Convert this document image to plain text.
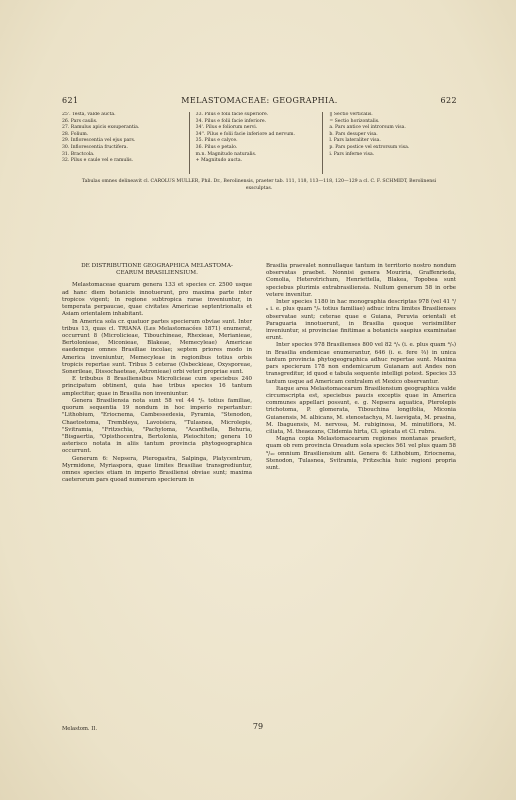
621	MELASTOMACEAE: GEOGRAPHIA.	622
25'. Testa, valde aucta.
26. Pars caulis.
27. Ramulus apicis exsuperantia.
28. Folium.
29. Inflorescentia vel ejus pars.
30. Inflorescentia fructifera.
31. Bractcola.
32. Pilus e caule vel e ramulis.
33. Pilus e folii facie superiore.
34. Pilus e folii facie inferiore.
34'. Pilus e foliorum nervi.
34''. Pilus e folii facie inferiore ad nervum.
35. Pilus e calyce.
36. Pilus e petalo.
m.n. Magnitudo naturalis.
+ Magnitudo aucta.
|| Sectio verticalis.
= Sectio horizontalis.
a. Pars antice vel introrsum visa.
b. Pars desuper visa.
l. Pars lateraliter visa.
p. Pars postice vel extrorsum visa.
i. Pars inferne visa.
Tabulas omnes delineavit cl. CAROLUS MÜLLER, Phil. Dr., Berolinensis, praeter tab. 111, 118, 113—118, 120—129 a cl. C. F. SCHMIDT, Berolinensi
exsculptas.
DE DISTRIBUTIONE GEOGRAPHICA MELASTOMA-
CEARUM BRASILIENSIUM.

Melastomaceae quarum genera 133 et species cr. 2500 usque ad hanc diem botanicis innotuerunt, pro maxima parte inter tropicos vigent; in regione subtropica rarae inveniuntur, in temperata perpaucae, quae civitates Americae septentrionalis et Asiam orientalem inhabitant.

In America sola cr. quatuor partes specierum obviae sunt. Inter tribus 13, quas cl. TRIANA (Les Melastomacées 1871) enumerat, occurrunt 8 (Microlicieae, Tibouchineae, Rhexieae, Merianieae, Bertolonieae, Miconieae, Blakeae, Memecyleae) Americae eaedemque omnes Brasiliae incolae; septem priores modo in America inveniuntur, Memecyleae in regionibus totius orbis tropicis repertae sunt. Tribus 5 ceterae (Osbeckieae, Oxysporeae, Sonerileae, Dissochaeteae, Astronieae) orbi veteri propriae sunt.

E tribubus 8 Brasiliensibus Microlicieae cum speciebus 240 principatum obtinent, quia hae tribus species 16 tantum amplectitur, quae in Brasilia non inveniuntur.

Genera Brasiliensia nota sunt 58 vel 44 ⁴/₅ totius familiae, quorum sequentia 19 nondum in hoc imperio repertantur: "Lithobium, "Eriocnema, Cambessedesia, Pyramia, "Stenodon, Chaetostoma, Trembleya, Lavoisiera, "Tulasnea, Microlepis, "Svitramia, "Fritzschia, "Pachyloma, "Acanthella, Behuria, "Bisgaertia, "Opisthocentra, Bertolonia, Pleiochiton; genera 10 asterisco notata in aliis tantum provincia phytogeographica occurrunt.

Generum 6: Nepsera, Pterogastra, Salpinga, Platycentrum, Myrmidone, Myriaspora, quae limites Brasiliae transgrediuntur, omnes species etiam in imperio Brasiliensi obviae sunt; maxima caeterorum pars quoad numerum specierum in

Brasilia praevalet nonnullaque tantum in territorio nostro nondum observatas praebet. Nonnisi genera Mouriria, Graffenrieda, Comolia, Heterotrichum, Henriettella, Blakea, Topobea sunt speciebus plurimis extrabrasiliensia. Nullum generum 58 in orbe vetere invenitur.

Inter species 1180 in hac monographia descriptas 978 (vel 41 ⁵/₆ i. e. plus quam ⁵/₆ totius familiae) adhuc intra limites Brasilienses observatae sunt; ceterae quae e Guiana, Peruvia orientali et Paraguaria innotuerunt, in Brasilia quoque verisimiliter inveniuntur, si provinciae finitimae a botanicis saepius examinatae erunt.

Inter species 978 Brasilienses 800 vel 82 ⁴/₅ (i. e. plus quam ⁴/₅) in Brasilia endemicae enumerantur, 646 (i. e. fere ⅔) in unica tantum provincia phytogeographica adhuc repertae sunt. Maxima pars specierum 178 non endemicarum Guianam aut Andes non transgreditur, id quod e tabula sequente intelligi potest. Species 33 tantum usque ad Americam centralem et Mexico observantur.

Itaque area Melastomacearum Brasiliensium geographica valde circumscripta est, speciebus paucis exceptis quae in America communes appellari possunt, e. g. Nepsera aquatica, Pterolepis trichotoma, P. glomerata, Tibouchina longifolia, Miconia Guianensis, M. albicans, M. stenostachya, M. laevigata, M. prasina, M. Ibaguensis, M. nervosa, M. rubiginosa, M. minutiflora, M. ciliata, M. theaezans, Clidemia hirta, Cl. spicata et Cl. rubra.

Magna copia Melastomacearum regiones montanas praefert, quam ob rem provincia Oreadum sola species 561 vel plus quam 58 ⁹/₁₀ omnium Brasiliensium alit. Genera 6: Lithobium, Eriocnema, Stenodon, Tulasnea, Svitramia, Fritzschia huic regioni propria sunt.

Melastom. II.	79
